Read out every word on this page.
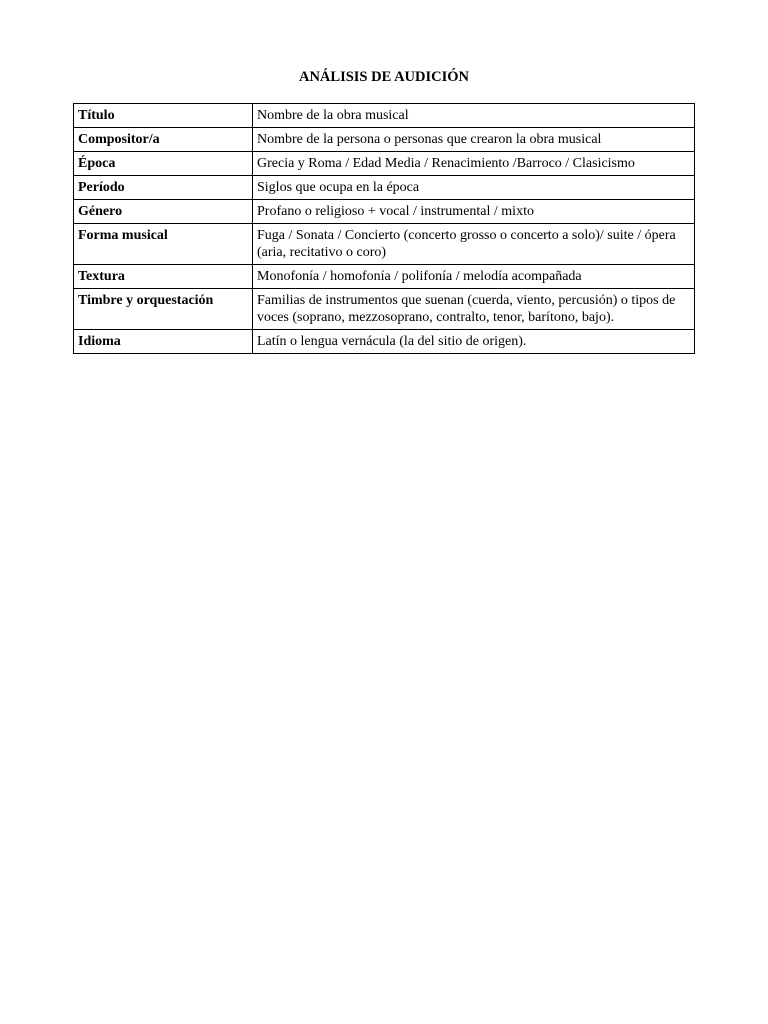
ANÁLISIS DE AUDICIÓN
Título	Nombre de la obra musical
Compositor/a	Nombre de la persona o personas que crearon la obra musical
Época	Grecia y Roma / Edad Media / Renacimiento /Barroco / Clasicismo
Período	Siglos que ocupa en la época
Género	Profano o religioso + vocal / instrumental / mixto
Forma musical	Fuga / Sonata / Concierto (concerto grosso o concerto a solo)/ suite / ópera (aria, recitativo o coro)
Textura	Monofonía / homofonía / polifonía / melodía acompañada
Timbre y orquestación	Familias de instrumentos que suenan (cuerda, viento, percusión) o tipos de voces (soprano, mezzosoprano, contralto, tenor, barítono, bajo).
Idioma	Latín o lengua vernácula (la del sitio de origen).
